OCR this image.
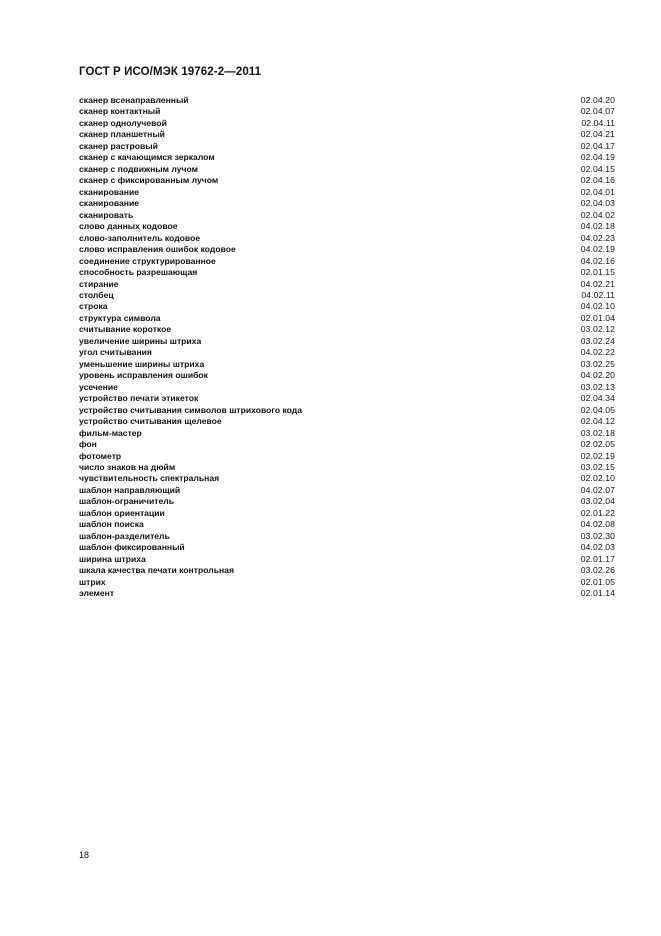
ГОСТ Р ИСО/МЭК 19762-2—2011
сканер всенаправленный	02.04.20
сканер контактный	02.04.07
сканер однолучевой	02.04.11
сканер планшетный	02.04.21
сканер растровый	02.04.17
сканер с качающимся зеркалом	02.04.19
сканер с подвижным лучом	02.04.15
сканер с фиксированным лучом	02.04.16
сканирование	02.04.01
сканирование	02.04.03
сканировать	02.04.02
слово данных кодовое	04.02.18
слово-заполнитель кодовое	04.02.23
слово исправления ошибок кодовое	04.02.19
соединение структурированное	04.02.16
способность разрешающая	02.01.15
стирание	04.02.21
столбец	04.02.11
строка	04.02.10
структура символа	02.01.04
считывание короткое	03.02.12
увеличение ширины штриха	03.02.24
угол считывания	04.02.22
уменьшение ширины штриха	03.02.25
уровень исправления ошибок	04.02.20
усечение	03.02.13
устройство печати этикеток	02.04.34
устройство считывания символов штрихового кода	02.04.05
устройство считывания щелевое	02.04.12
фильм-мастер	03.02.18
фон	02.02.05
фотометр	02.02.19
число знаков на дюйм	03.02.15
чувствительность спектральная	02.02.10
шаблон направляющий	04.02.07
шаблон-ограничитель	03.02.04
шаблон ориентации	02.01.22
шаблон поиска	04.02.08
шаблон-разделитель	03.02.30
шаблон фиксированный	04.02.03
ширина штриха	02.01.17
шкала качества печати контрольная	03.02.26
штрих	02.01.05
элемент	02.01.14
18
